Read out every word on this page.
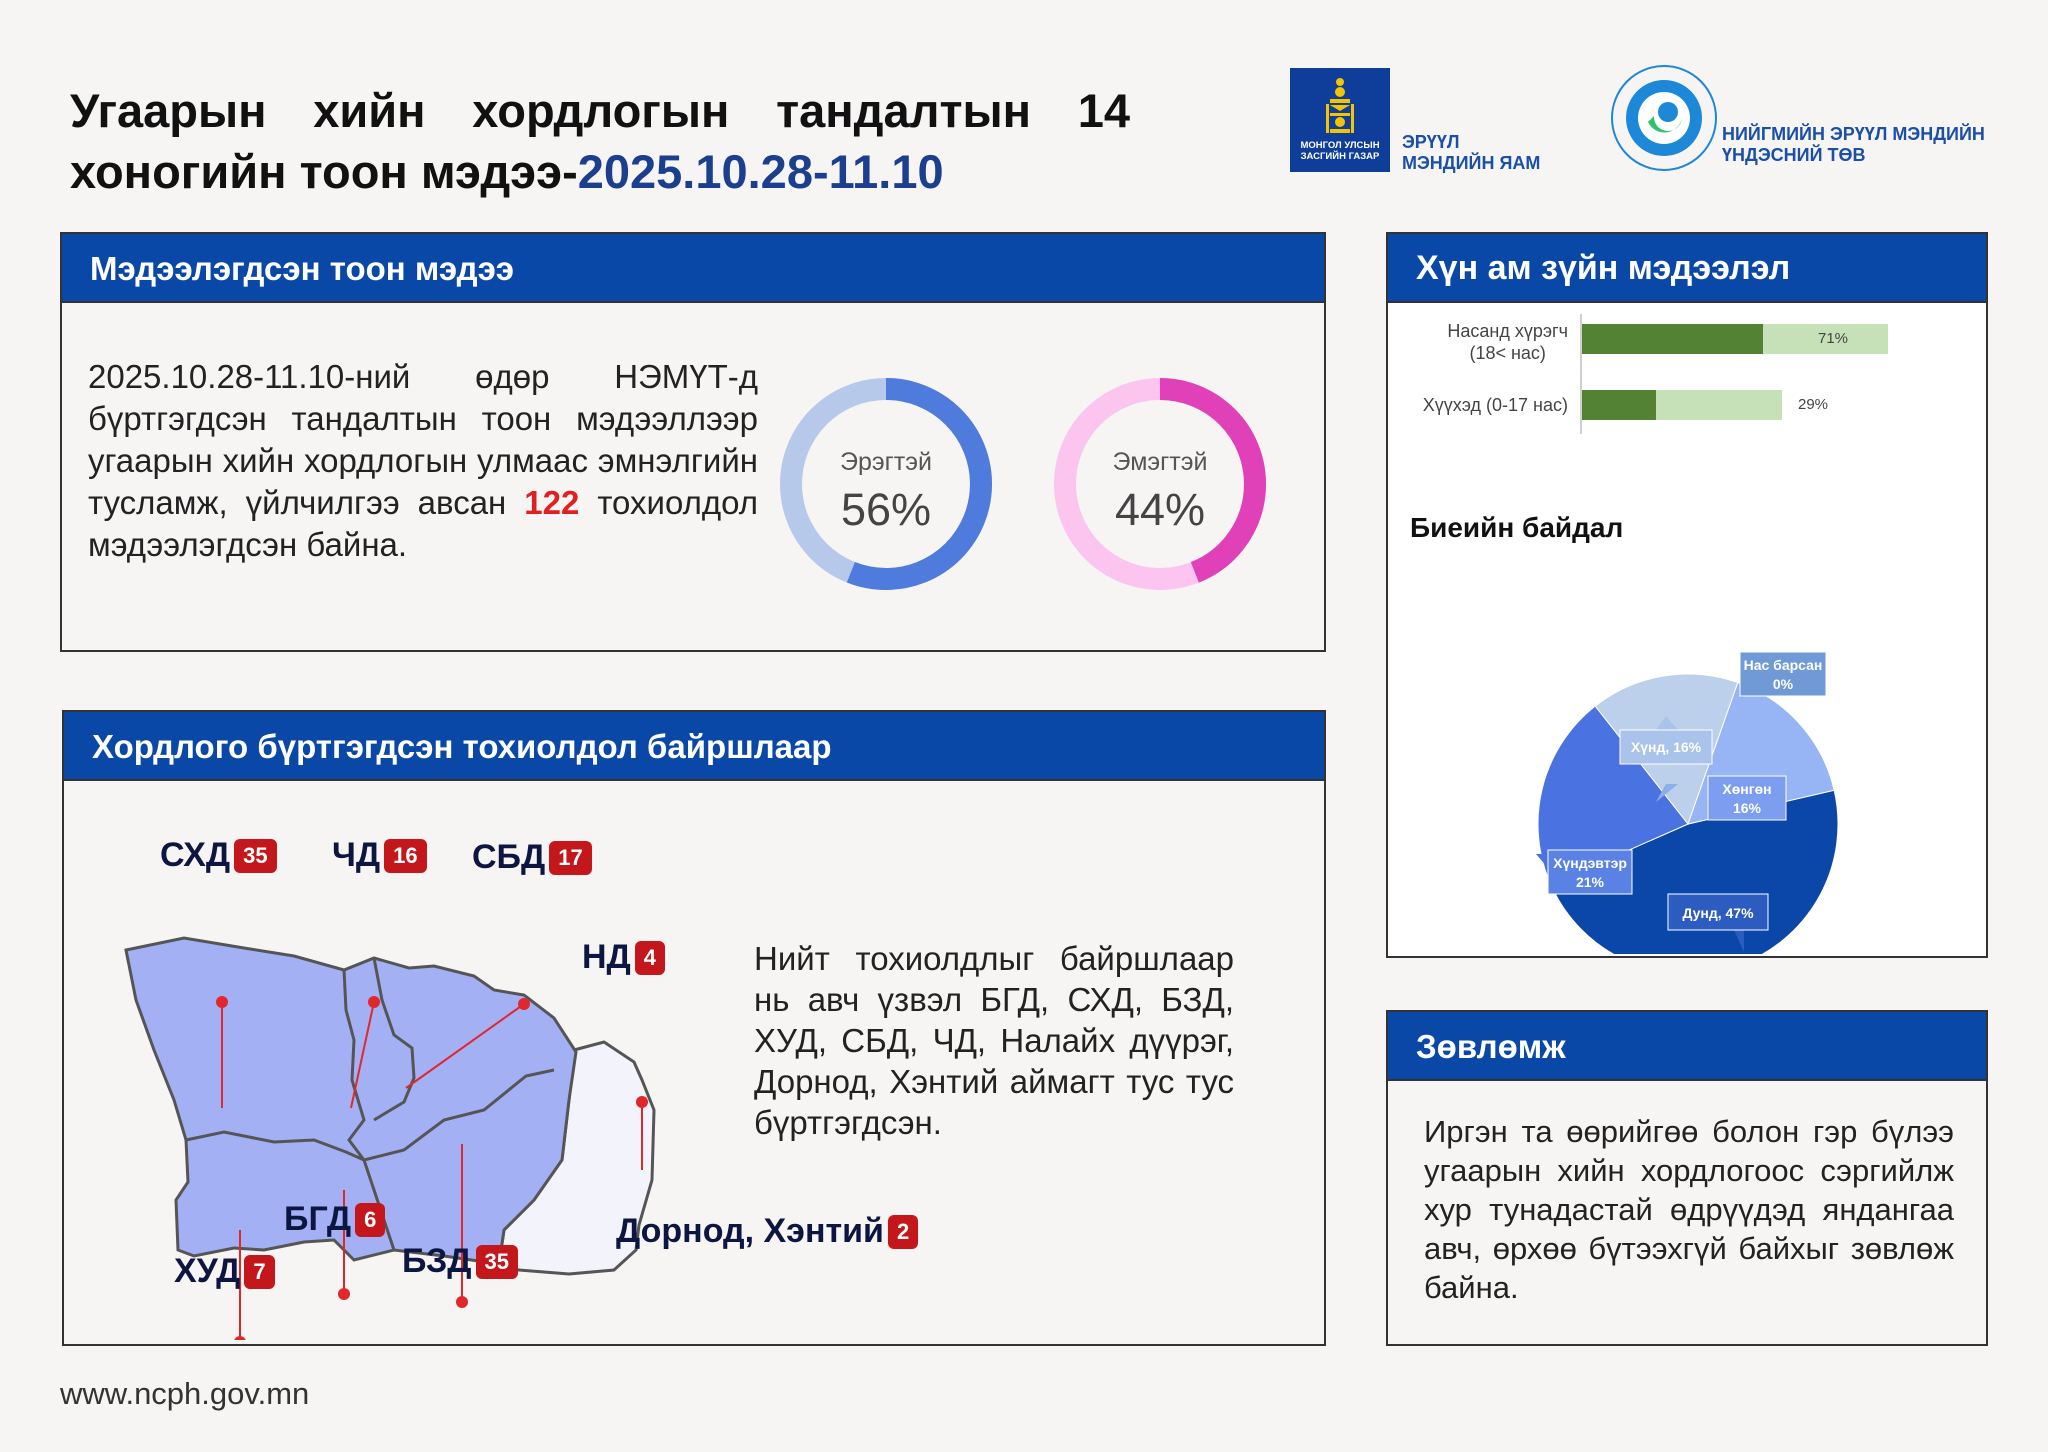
Угаарын хийн хордлогын тандалтын 14
хоногийн тоон мэдээ-2025.10.28-11.10	МОНГОЛ УЛСЫН ЗАСГИЙН ГАЗАР
ЭРҮҮЛ
МЭНДИЙН ЯАМ
НИЙГМИЙН ЭРҮҮЛ МЭНДИЙН
ҮНДЭСНИЙ ТӨВ
Мэдээлэгдсэн тоон мэдээ
2025.10.28-11.10-ний өдөр НЭМҮТ-д бүртгэгдсэн тандалтын тоон мэдээллээр угаарын хийн хордлогын улмаас эмнэлгийн тусламж, үйлчилгээ авсан 122 тохиолдол мэдээлэгдсэн байна.
Эрэгтэй
56%
Эмэгтэй
44%
Хордлого бүртгэгдсэн тохиолдол байршлаар
СХД 35 ЧД 16 СБД 17
НД 4
БГД 6
ХУД 7	БЗД 35
Дорнод, Хэнтий 2
Нийт тохиолдлыг байршлаар нь авч үзвэл БГД, СХД, БЗД, ХУД, СБД, ЧД, Налайх дүүрэг, Дорнод, Хэнтий аймагт тус тус бүртгэгдсэн.
Хүн ам зүйн мэдээлэл
Насанд хүрэгч
(18< нас)
71%
Хүүхэд (0-17 нас)	29%
Биеийн байдал
Нас барсан
0%
Хүнд, 16%
Хөнгөн
16%
Хүндэвтэр
21%
Дунд, 47%
Зөвлөмж
Иргэн та өөрийгөө болон гэр бүлээ угаарын хийн хордлогоос сэргийлж хур тунадастай өдрүүдэд яндангаа авч, өрхөө бүтээхгүй байхыг зөвлөж байна.
www.ncph.gov.mn
